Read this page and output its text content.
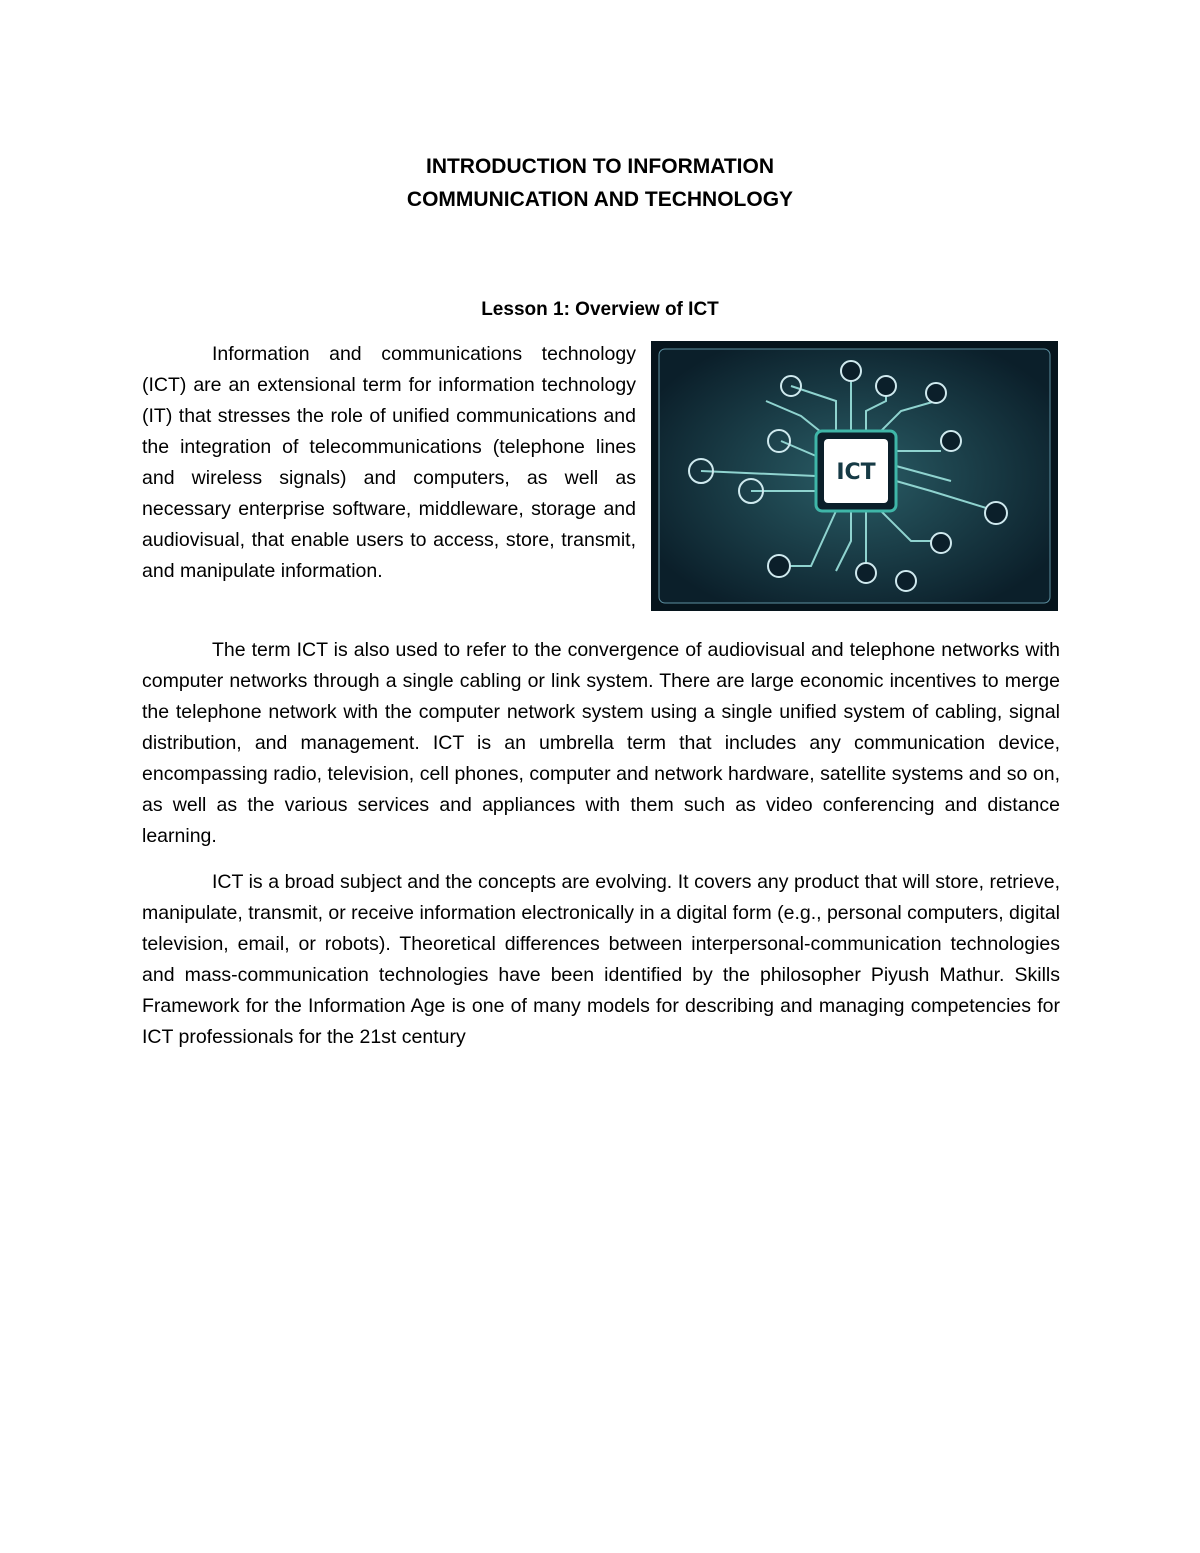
INTRODUCTION TO INFORMATION
COMMUNICATION AND TECHNOLOGY
Lesson 1: Overview of ICT

Information and communications technology (ICT) are an extensional term for information technology (IT) that stresses the role of unified communications and the integration of telecommunications (telephone lines and wireless signals) and computers, as well as necessary enterprise software, middleware, storage and audiovisual, that enable users to access, store, transmit, and manipulate information.

ICT

The term ICT is also used to refer to the convergence of audiovisual and telephone networks with computer networks through a single cabling or link system. There are large economic incentives to merge the telephone network with the computer network system using a single unified system of cabling, signal distribution, and management. ICT is an umbrella term that includes any communication device, encompassing radio, television, cell phones, computer and network hardware, satellite systems and so on, as well as the various services and appliances with them such as video conferencing and distance learning.

ICT is a broad subject and the concepts are evolving. It covers any product that will store, retrieve, manipulate, transmit, or receive information electronically in a digital form (e.g., personal computers, digital television, email, or robots). Theoretical differences between interpersonal-communication technologies and mass-communication technologies have been identified by the philosopher Piyush Mathur. Skills Framework for the Information Age is one of many models for describing and managing competencies for ICT professionals for the 21st century
